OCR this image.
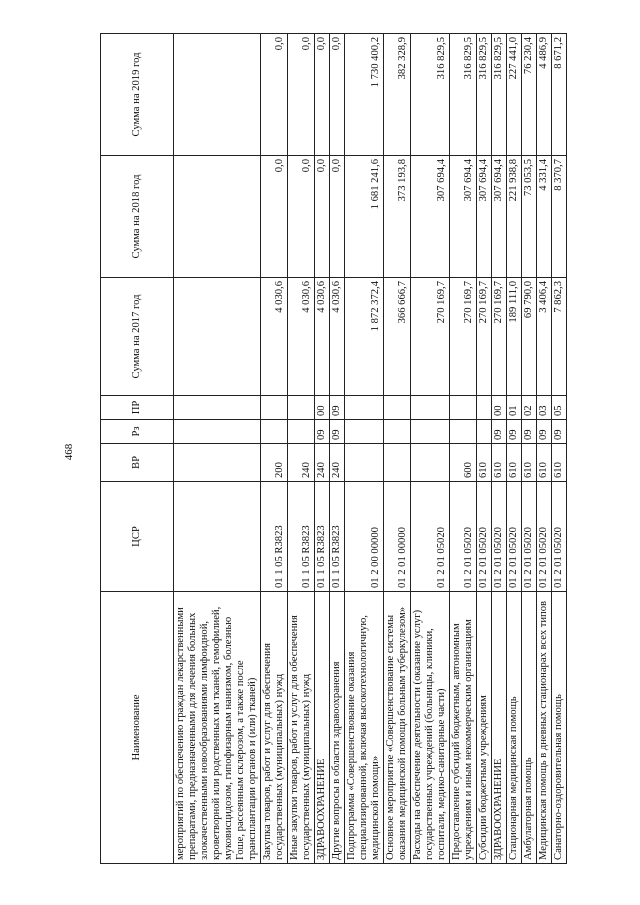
468
Наименование	ЦСР	ВР	Рз	ПР	Сумма на 2017 год	Сумма на 2018 год	Сумма на 2019 год
мероприятий по обеспечению граждан лекарственными препаратами, предназначенными для лечения больных злокачественными новообразованиями лимфоидной, кроветворной или родственных им тканей, гемофилией, муковисцидозом, гипофизарным нанизмом, болезнью Гоше, рассеянным склерозом, а также после трансплантации органов и (или) тканей)							
Закупка товаров, работ и услуг для обеспечения государственных (муниципальных) нужд	01 1 05 R3823	200			4 030,6	0,0	0,0
Иные закупки товаров, работ и услуг для обеспечения государственных (муниципальных) нужд	01 1 05 R3823	240			4 030,6	0,0	0,0
ЗДРАВООХРАНЕНИЕ	01 1 05 R3823	240	09	00	4 030,6	0,0	0,0
Другие вопросы в области здравоохранения	01 1 05 R3823	240	09	09	4 030,6	0,0	0,0
Подпрограмма «Совершенствование оказания специализированной, включая высокотехнологичную, медицинской помощи»	01 2 00 00000				1 872 372,4	1 681 241,6	1 730 400,2
Основное мероприятие «Совершенствование системы оказания медицинской помощи больным туберкулезом»	01 2 01 00000				366 666,7	373 193,8	382 328,9
Расходы на обеспечение деятельности (оказание услуг) государственных учреждений (больницы, клиники, госпитали, медико-санитарные части)	01 2 01 05020				270 169,7	307 694,4	316 829,5
Предоставление субсидий бюджетным, автономным учреждениям и иным некоммерческим организациям	01 2 01 05020	600			270 169,7	307 694,4	316 829,5
Субсидии бюджетным учреждениям	01 2 01 05020	610			270 169,7	307 694,4	316 829,5
ЗДРАВООХРАНЕНИЕ	01 2 01 05020	610	09	00	270 169,7	307 694,4	316 829,5
Стационарная медицинская помощь	01 2 01 05020	610	09	01	189 111,0	221 938,8	227 441,0
Амбулаторная помощь	01 2 01 05020	610	09	02	69 790,0	73 053,5	76 230,4
Медицинская помощь в дневных стационарах всех типов	01 2 01 05020	610	09	03	3 406,4	4 331,4	4 486,9
Санаторно-оздоровительная помощь	01 2 01 05020	610	09	05	7 862,3	8 370,7	8 671,2
